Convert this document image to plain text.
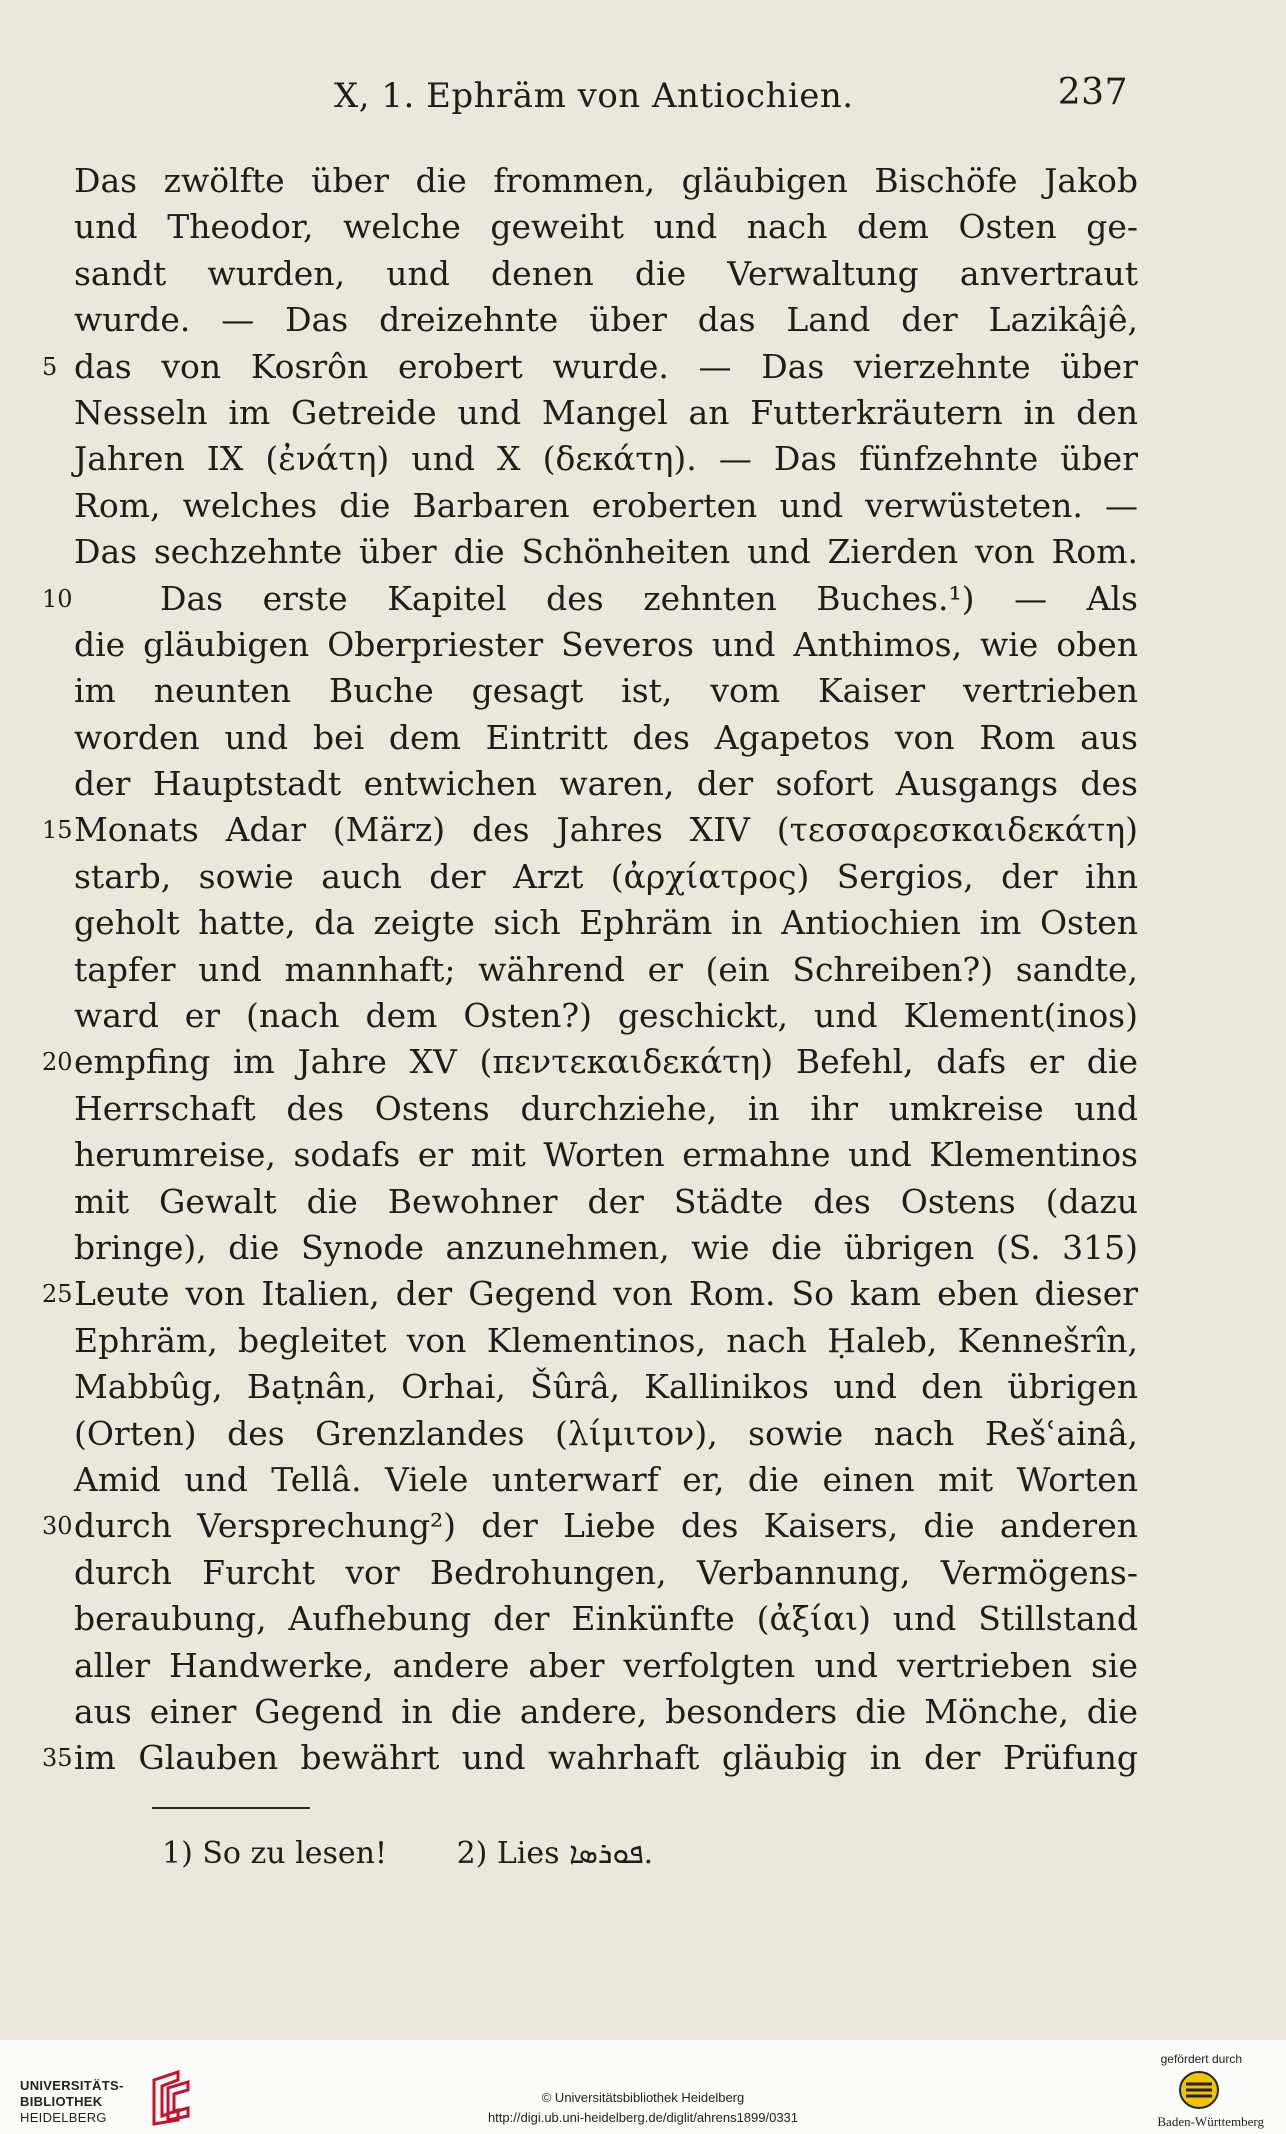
X, 1. Ephräm von Antiochien.	237
Das zwölfte über die frommen, gläubigen Bischöfe Jakob
und Theodor, welche geweiht und nach dem Osten ge-
sandt wurden, und denen die Verwaltung anvertraut
wurde. — Das dreizehnte über das Land der Lazikâjê,
5 das von Kosrôn erobert wurde. — Das vierzehnte über
Nesseln im Getreide und Mangel an Futterkräutern in den
Jahren IX (ἐνάτη) und X (δεκάτη). — Das fünfzehnte über
Rom, welches die Barbaren eroberten und verwüsteten. —
Das sechzehnte über die Schönheiten und Zierden von Rom.
10	Das erste Kapitel des zehnten Buches.¹) — Als
die gläubigen Oberpriester Severos und Anthimos, wie oben
im neunten Buche gesagt ist, vom Kaiser vertrieben
worden und bei dem Eintritt des Agapetos von Rom aus
der Hauptstadt entwichen waren, der sofort Ausgangs des
15 Monats Adar (März) des Jahres XIV (τεσσαρεσκαιδεκάτη)
starb, sowie auch der Arzt (ἀρχίατρος) Sergios, der ihn
geholt hatte, da zeigte sich Ephräm in Antiochien im Osten
tapfer und mannhaft; während er (ein Schreiben?) sandte,
ward er (nach dem Osten?) geschickt, und Klement(inos)
20 empfing im Jahre XV (πεντεκαιδεκάτη) Befehl, dafs er die
Herrschaft des Ostens durchziehe, in ihr umkreise und
herumreise, sodafs er mit Worten ermahne und Klementinos
mit Gewalt die Bewohner der Städte des Ostens (dazu
bringe), die Synode anzunehmen, wie die übrigen (S. 315)
25 Leute von Italien, der Gegend von Rom. So kam eben dieser
Ephräm, begleitet von Klementinos, nach Ḥaleb, Kennešrîn,
Mabbûg, Baṭnân, Orhai, Šûrâ, Kallinikos und den übrigen
(Orten) des Grenzlandes (λίμιτον), sowie nach Rešʿainâ,
Amid und Tellâ. Viele unterwarf er, die einen mit Worten
30 durch Versprechung²) der Liebe des Kaisers, die anderen
durch Furcht vor Bedrohungen, Verbannung, Vermögens-
beraubung, Aufhebung der Einkünfte (ἀξίαι) und Stillstand
aller Handwerke, andere aber verfolgten und vertrieben sie
aus einer Gegend in die andere, besonders die Mönche, die
35 im Glauben bewährt und wahrhaft gläubig in der Prüfung
1) So zu lesen! 2) Lies ܦܘܪܣܐ.
UNIVERSITÄTS-
BIBLIOTHEK
HEIDELBERG
© Universitätsbibliothek Heidelberg
http://digi.ub.uni-heidelberg.de/diglit/ahrens1899/0331
gefördert durch
Baden-Württemberg
